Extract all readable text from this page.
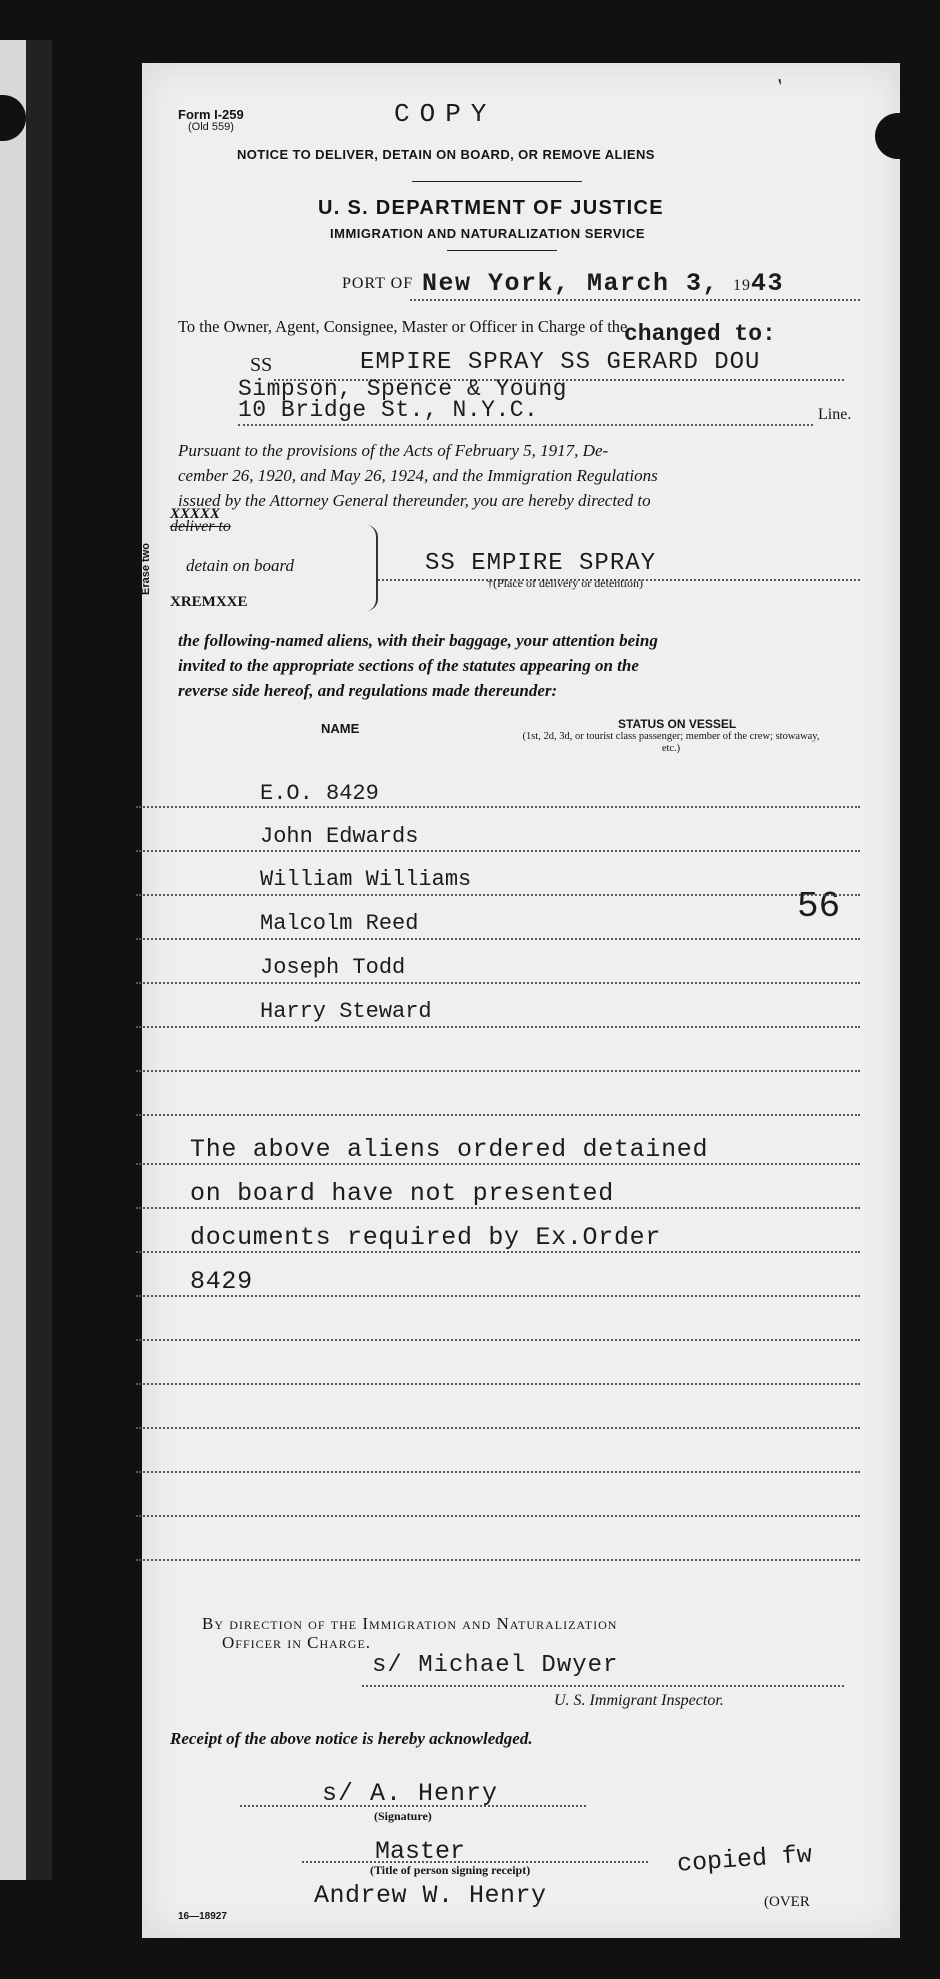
′
Form I-259
(Old 559)	COPY
NOTICE TO DELIVER, DETAIN ON BOARD, OR REMOVE ALIENS
U. S. DEPARTMENT OF JUSTICE
IMMIGRATION AND NATURALIZATION SERVICE
PORT OF New York, March 3, 1943
To the Owner, Agent, Consignee, Master or Officer in Charge of the
changed to:
SS	EMPIRE SPRAY SS GERARD DOU
Simpson, Spence & Young
10 Bridge St., N.Y.C.	Line.
Pursuant to the provisions of the Acts of February 5, 1917, De-
cember 26, 1920, and May 26, 1924, and the Immigration Regulations
issued by the Attorney General thereunder, you are hereby directed to
Erase two
XXXXX
deliver to
detain on board
XREMXXE
SS EMPIRE SPRAY
†(Place of delivery or detention)
the following-named aliens, with their baggage, your attention being
invited to the appropriate sections of the statutes appearing on the
reverse side hereof, and regulations made thereunder:
NAME	STATUS ON VESSEL
(1st, 2d, 3d, or tourist class passenger; member of the crew; stowaway, etc.)
E.O. 8429
John Edwards
William Williams
Malcolm Reed
Joseph Todd
Harry Steward
56
The above aliens ordered detained
on board have not presented
documents required by Ex.Order
8429
By direction of the Immigration and Naturalization
Officer in Charge.
s/ Michael Dwyer
U. S. Immigrant Inspector.
Receipt of the above notice is hereby acknowledged.
s/ A. Henry
(Signature)
Master
(Title of person signing receipt)
Andrew W. Henry
copied fw
(OVER
16—18927
